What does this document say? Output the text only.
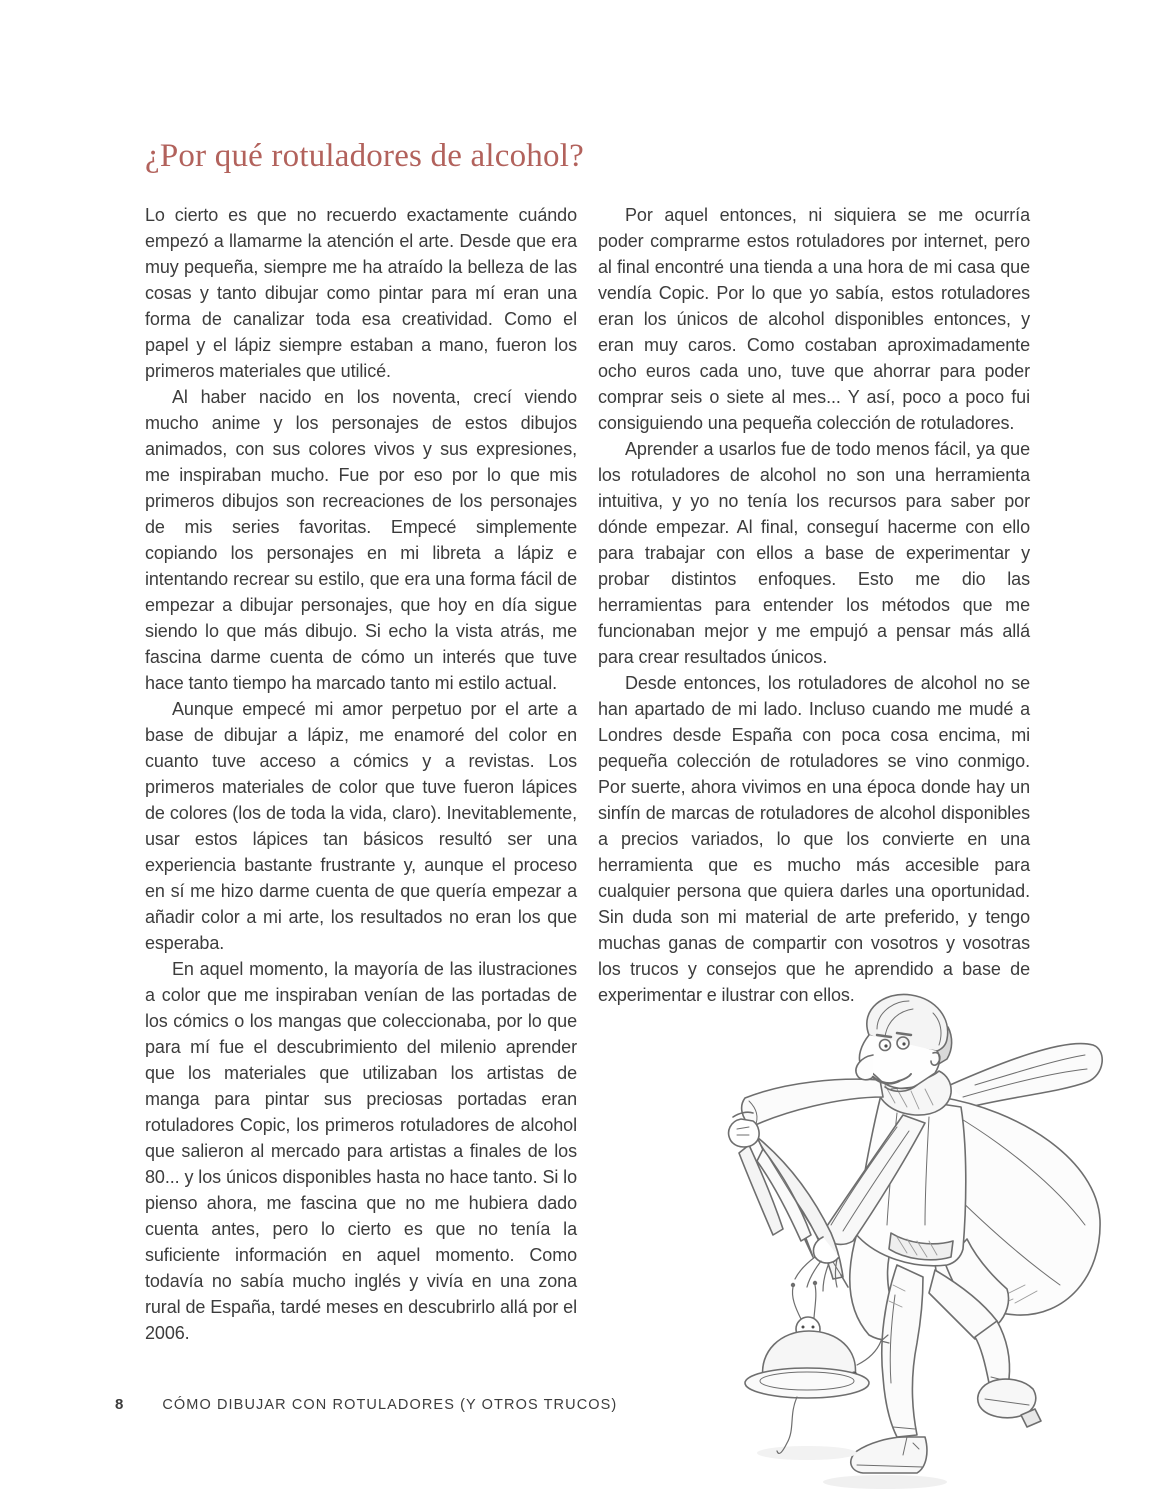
¿Por qué rotuladores de alcohol?

Lo cierto es que no recuerdo exactamente cuándo empezó a llamarme la atención el arte. Desde que era muy pequeña, siempre me ha atraído la belleza de las cosas y tanto dibujar como pintar para mí eran una forma de canalizar toda esa creatividad. Como el papel y el lápiz siempre estaban a mano, fueron los primeros materiales que utilicé.

Al haber nacido en los noventa, crecí viendo mucho anime y los personajes de estos dibujos animados, con sus colores vivos y sus expresiones, me inspiraban mucho. Fue por eso por lo que mis primeros dibujos son recreaciones de los personajes de mis series favoritas. Empecé simplemente copiando los personajes en mi libreta a lápiz e intentando recrear su estilo, que era una forma fácil de empezar a dibujar personajes, que hoy en día sigue siendo lo que más dibujo. Si echo la vista atrás, me fascina darme cuenta de cómo un interés que tuve hace tanto tiempo ha marcado tanto mi estilo actual.

Aunque empecé mi amor perpetuo por el arte a base de dibujar a lápiz, me enamoré del color en cuanto tuve acceso a cómics y a revistas. Los primeros materiales de color que tuve fueron lápices de colores (los de toda la vida, claro). Inevitablemente, usar estos lápices tan básicos resultó ser una experiencia bastante frustrante y, aunque el proceso en sí me hizo darme cuenta de que quería empezar a añadir color a mi arte, los resultados no eran los que esperaba.

En aquel momento, la mayoría de las ilustraciones a color que me inspiraban venían de las portadas de los cómics o los mangas que coleccionaba, por lo que para mí fue el descubrimiento del milenio aprender que los materiales que utilizaban los artistas de manga para pintar sus preciosas portadas eran rotuladores Copic, los primeros rotuladores de alcohol que salieron al mercado para artistas a finales de los 80... y los únicos disponibles hasta no hace tanto. Si lo pienso ahora, me fascina que no me hubiera dado cuenta antes, pero lo cierto es que no tenía la suficiente información en aquel momento. Como todavía no sabía mucho inglés y vivía en una zona rural de España, tardé meses en descubrirlo allá por el 2006.

Por aquel entonces, ni siquiera se me ocurría poder comprarme estos rotuladores por internet, pero al final encontré una tienda a una hora de mi casa que vendía Copic. Por lo que yo sabía, estos rotuladores eran los únicos de alcohol disponibles entonces, y eran muy caros. Como costaban aproximadamente ocho euros cada uno, tuve que ahorrar para poder comprar seis o siete al mes... Y así, poco a poco fui consiguiendo una pequeña colección de rotuladores.

Aprender a usarlos fue de todo menos fácil, ya que los rotuladores de alcohol no son una herramienta intuitiva, y yo no tenía los recursos para saber por dónde empezar. Al final, conseguí hacerme con ello para trabajar con ellos a base de experimentar y probar distintos enfoques. Esto me dio las herramientas para entender los métodos que me funcionaban mejor y me empujó a pensar más allá para crear resultados únicos.

Desde entonces, los rotuladores de alcohol no se han apartado de mi lado. Incluso cuando me mudé a Londres desde España con poca cosa encima, mi pequeña colección de rotuladores se vino conmigo. Por suerte, ahora vivimos en una época donde hay un sinfín de marcas de rotuladores de alcohol disponibles a precios variados, lo que los convierte en una herramienta que es mucho más accesible para cualquier persona que quiera darles una oportunidad. Sin duda son mi material de arte preferido, y tengo muchas ganas de compartir con vosotros y vosotras los trucos y consejos que he aprendido a base de experimentar e ilustrar con ellos.

8	CÓMO DIBUJAR CON ROTULADORES (Y OTROS TRUCOS)
